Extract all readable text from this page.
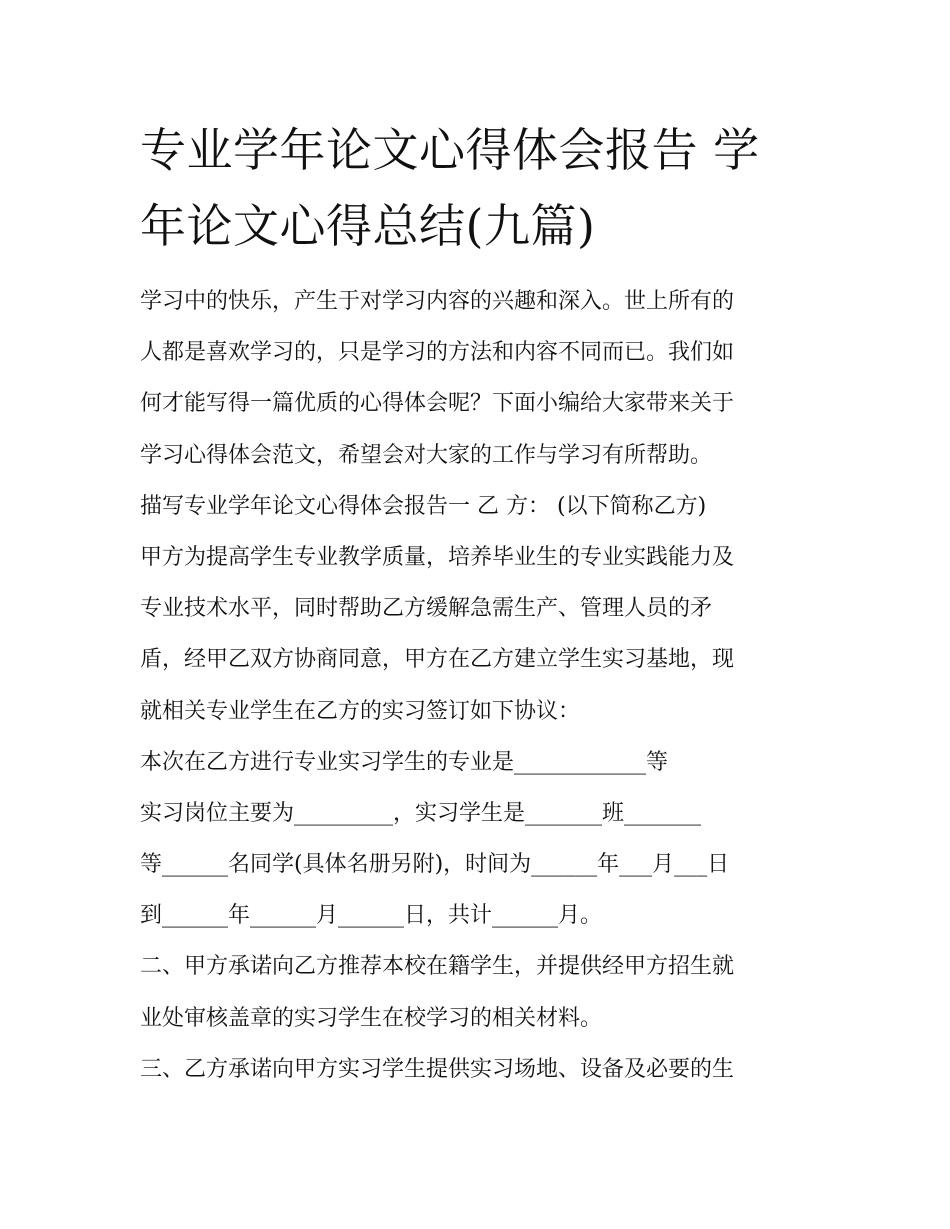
专业学年论文心得体会报告 学
年论文心得总结(九篇)
学习中的快乐，产生于对学习内容的兴趣和深入。世上所有的
人都是喜欢学习的，只是学习的方法和内容不同而已。我们如
何才能写得一篇优质的心得体会呢？下面小编给大家带来关于
学习心得体会范文，希望会对大家的工作与学习有所帮助。
描写专业学年论文心得体会报告一 乙 方： (以下简称乙方)
甲方为提高学生专业教学质量，培养毕业生的专业实践能力及
专业技术水平，同时帮助乙方缓解急需生产、管理人员的矛
盾，经甲乙双方协商同意，甲方在乙方建立学生实习基地，现
就相关专业学生在乙方的实习签订如下协议：
本次在乙方进行专业实习学生的专业是____________等
实习岗位主要为_________，实习学生是_______班_______
等______名同学(具体名册另附)，时间为______年___月___日
到______年______月______日，共计______月。
二、甲方承诺向乙方推荐本校在籍学生，并提供经甲方招生就
业处审核盖章的实习学生在校学习的相关材料。
三、乙方承诺向甲方实习学生提供实习场地、设备及必要的生
